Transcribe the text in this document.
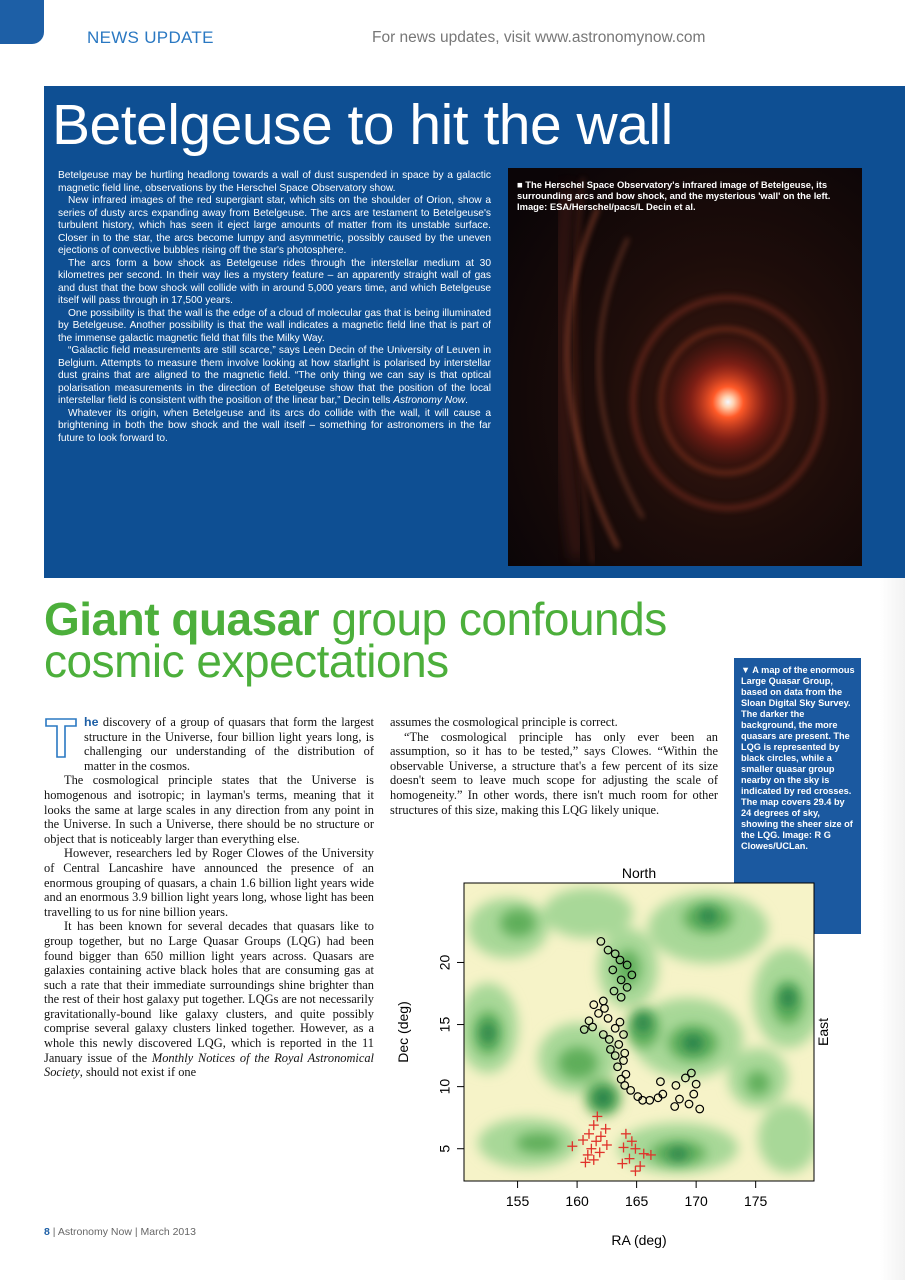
NEWS UPDATE	For news updates, visit www.astronomynow.com
Betelgeuse to hit the wall

Betelgeuse may be hurtling headlong towards a wall of dust suspended in space by a galactic magnetic field line, observations by the Herschel Space Observatory show.

New infrared images of the red supergiant star, which sits on the shoulder of Orion, show a series of dusty arcs expanding away from Betelgeuse. The arcs are testament to Betelgeuse's turbulent history, which has seen it eject large amounts of matter from its unstable surface. Closer in to the star, the arcs become lumpy and asymmetric, possibly caused by the uneven ejections of convective bubbles rising off the star's photosphere.

The arcs form a bow shock as Betelgeuse rides through the interstellar medium at 30 kilometres per second. In their way lies a mystery feature – an apparently straight wall of gas and dust that the bow shock will collide with in around 5,000 years time, and which Betelgeuse itself will pass through in 17,500 years.

One possibility is that the wall is the edge of a cloud of molecular gas that is being illuminated by Betelgeuse. Another possibility is that the wall indicates a magnetic field line that is part of the immense galactic magnetic field that fills the Milky Way.

“Galactic field measurements are still scarce,” says Leen Decin of the University of Leuven in Belgium. Attempts to measure them involve looking at how starlight is polarised by interstellar dust grains that are aligned to the magnetic field. “The only thing we can say is that optical polarisation measurements in the direction of Betelgeuse show that the position of the local interstellar field is consistent with the position of the linear bar,” Decin tells Astronomy Now.

Whatever its origin, when Betelgeuse and its arcs do collide with the wall, it will cause a brightening in both the bow shock and the wall itself – something for astronomers in the far future to look forward to.

■ The Herschel Space Observatory's infrared image of Betelgeuse, its surrounding arcs and bow shock, and the mysterious 'wall' on the left. Image: ESA/Herschel/pacs/L Decin et al.
Giant quasar group confounds cosmic expectations	▼ A map of the enormous Large Quasar Group, based on data from the Sloan Digital Sky Survey. The darker the background, the more quasars are present. The LQG is represented by black circles, while a smaller quasar group nearby on the sky is indicated by red crosses. The map covers 29.4 by 24 degrees of sky, showing the sheer size of the LQG. Image: R G Clowes/UCLan.

T	he discovery of a group of quasars that form the largest structure in the Universe, four billion light years long, is challenging our understanding of the distribution of matter in the cosmos.

The cosmological principle states that the Universe is homogenous and isotropic; in layman's terms, meaning that it looks the same at large scales in any direction from any point in the Universe. In such a Universe, there should be no structure or object that is noticeably larger than everything else.

However, researchers led by Roger Clowes of the University of Central Lancashire have announced the presence of an enormous grouping of quasars, a chain 1.6 billion light years wide and an enormous 3.9 billion light years long, whose light has been travelling to us for nine billion years.

It has been known for several decades that quasars like to group together, but no Large Quasar Groups (LQG) had been found bigger than 650 million light years across. Quasars are galaxies containing active black holes that are consuming gas at such a rate that their immediate surroundings shine brighter than the rest of their host galaxy put together. LQGs are not necessarily gravitationally-bound like galaxy clusters, and quite possibly comprise several galaxy clusters linked together. However, as a whole this newly discovered LQG, which is reported in the 11 January issue of the Monthly Notices of the Royal Astronomical Society, should not exist if one

assumes the cosmological principle is correct.

“The cosmological principle has only ever been an assumption, so it has to be tested,” says Clowes. “Within the observable Universe, a structure that's a few percent of its size doesn't seem to leave much scope for adjusting the scale of homogeneity.” In other words, there isn't much room for other structures of this size, making this LQG likely unique.

155	160	165	170	175
5
10
15
20
North
East
RA (deg)
Dec (deg)
8 | Astronomy Now | March 2013
